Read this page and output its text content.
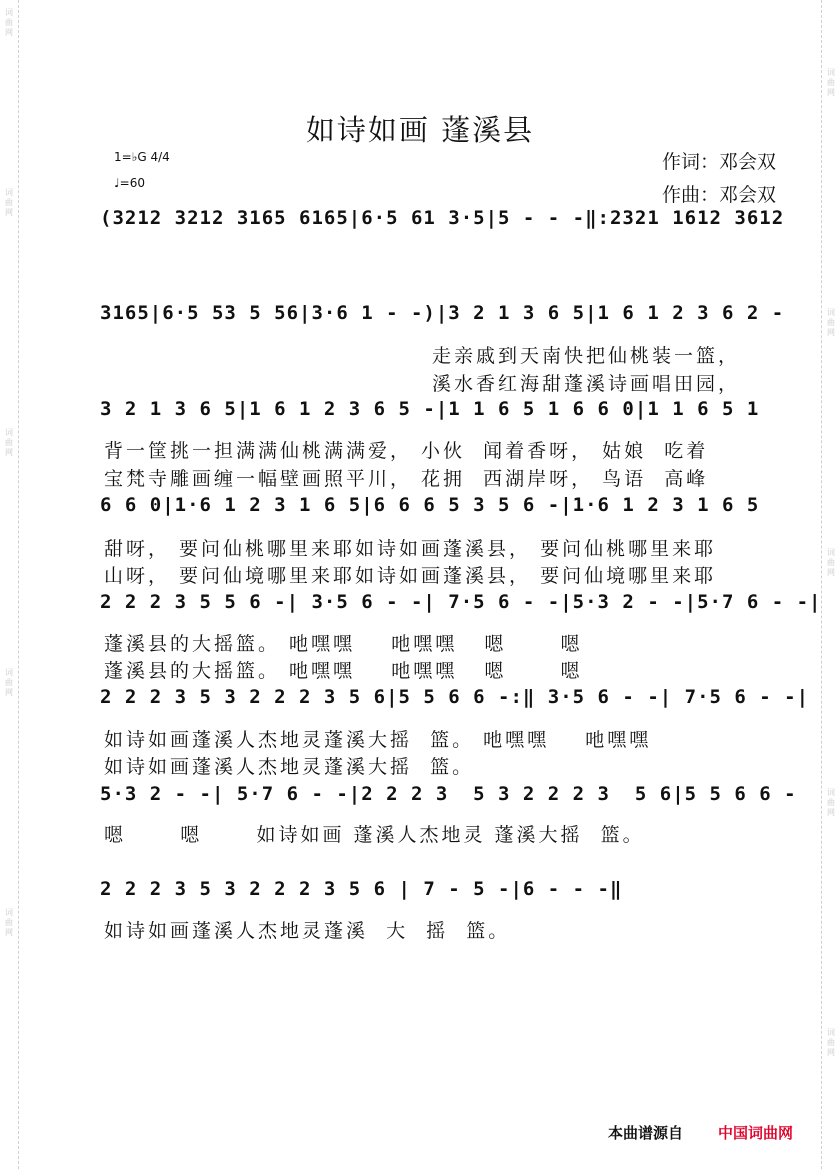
词
曲
网
词
曲
网
词
曲
网
词
曲
网
词
曲
网
词
曲
网
词
曲
网
词
曲
网
词
曲
网
词
曲
网
如诗如画 蓬溪县
1=♭G 4/4
♩=60
作词：邓会双
作曲：邓会双
(3212 3212 3165 6165|6·5 61 3·5|5 - - -‖:2321 1612 3612
3165|6·5 53 5 56|3·6 1 - -)|3 2 1 3 6 5|1 6 1 2 3 6 2 -
走亲戚到天南快把仙桃装一篮，
溪水香红海甜蓬溪诗画唱田园，
3 2 1 3 6 5|1 6 1 2 3 6 5 -|1 1 6 5 1 6 6 0|1 1 6 5 1
背一筐挑一担满满仙桃满满爱， 小伙  闻着香呀， 姑娘  吃着
宝梵寺雕画缠一幅壁画照平川， 花拥  西湖岸呀， 鸟语  高峰
6 6 0|1·6 1 2 3 1 6 5|6 6 6 5 3 5 6 -|1·6 1 2 3 1 6 5
甜呀， 要问仙桃哪里来耶如诗如画蓬溪县， 要问仙桃哪里来耶
山呀， 要问仙境哪里来耶如诗如画蓬溪县， 要问仙境哪里来耶
2 2 2 3 5 5 6 -| 3·5 6 - -| 7·5 6 - -|5·3 2 - -|5·7 6 - -|
蓬溪县的大摇篮。 吔嘿嘿    吔嘿嘿   嗯      嗯
蓬溪县的大摇篮。 吔嘿嘿    吔嘿嘿   嗯      嗯
2 2 2 3 5 3 2 2 2 3 5 6|5 5 6 6 -:‖ 3·5 6 - -| 7·5 6 - -|
如诗如画蓬溪人杰地灵蓬溪大摇  篮。 吔嘿嘿    吔嘿嘿
如诗如画蓬溪人杰地灵蓬溪大摇  篮。
5·3 2 - -| 5·7 6 - -|2 2 2 3  5 3 2 2 2 3  5 6|5 5 6 6 -
嗯      嗯      如诗如画 蓬溪人杰地灵 蓬溪大摇  篮。
2 2 2 3 5 3 2 2 2 3 5 6 | 7 - 5 -|6 - - -‖
如诗如画蓬溪人杰地灵蓬溪  大  摇  篮。
本曲谱源自 中国词曲网
